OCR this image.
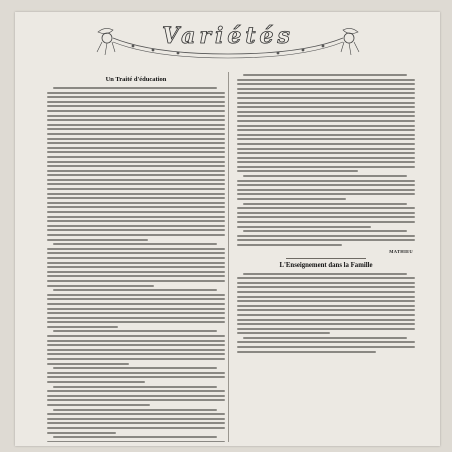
Variétés
Un Traité d'éducation
MATHIEU
L'Enseignement dans la Famille
